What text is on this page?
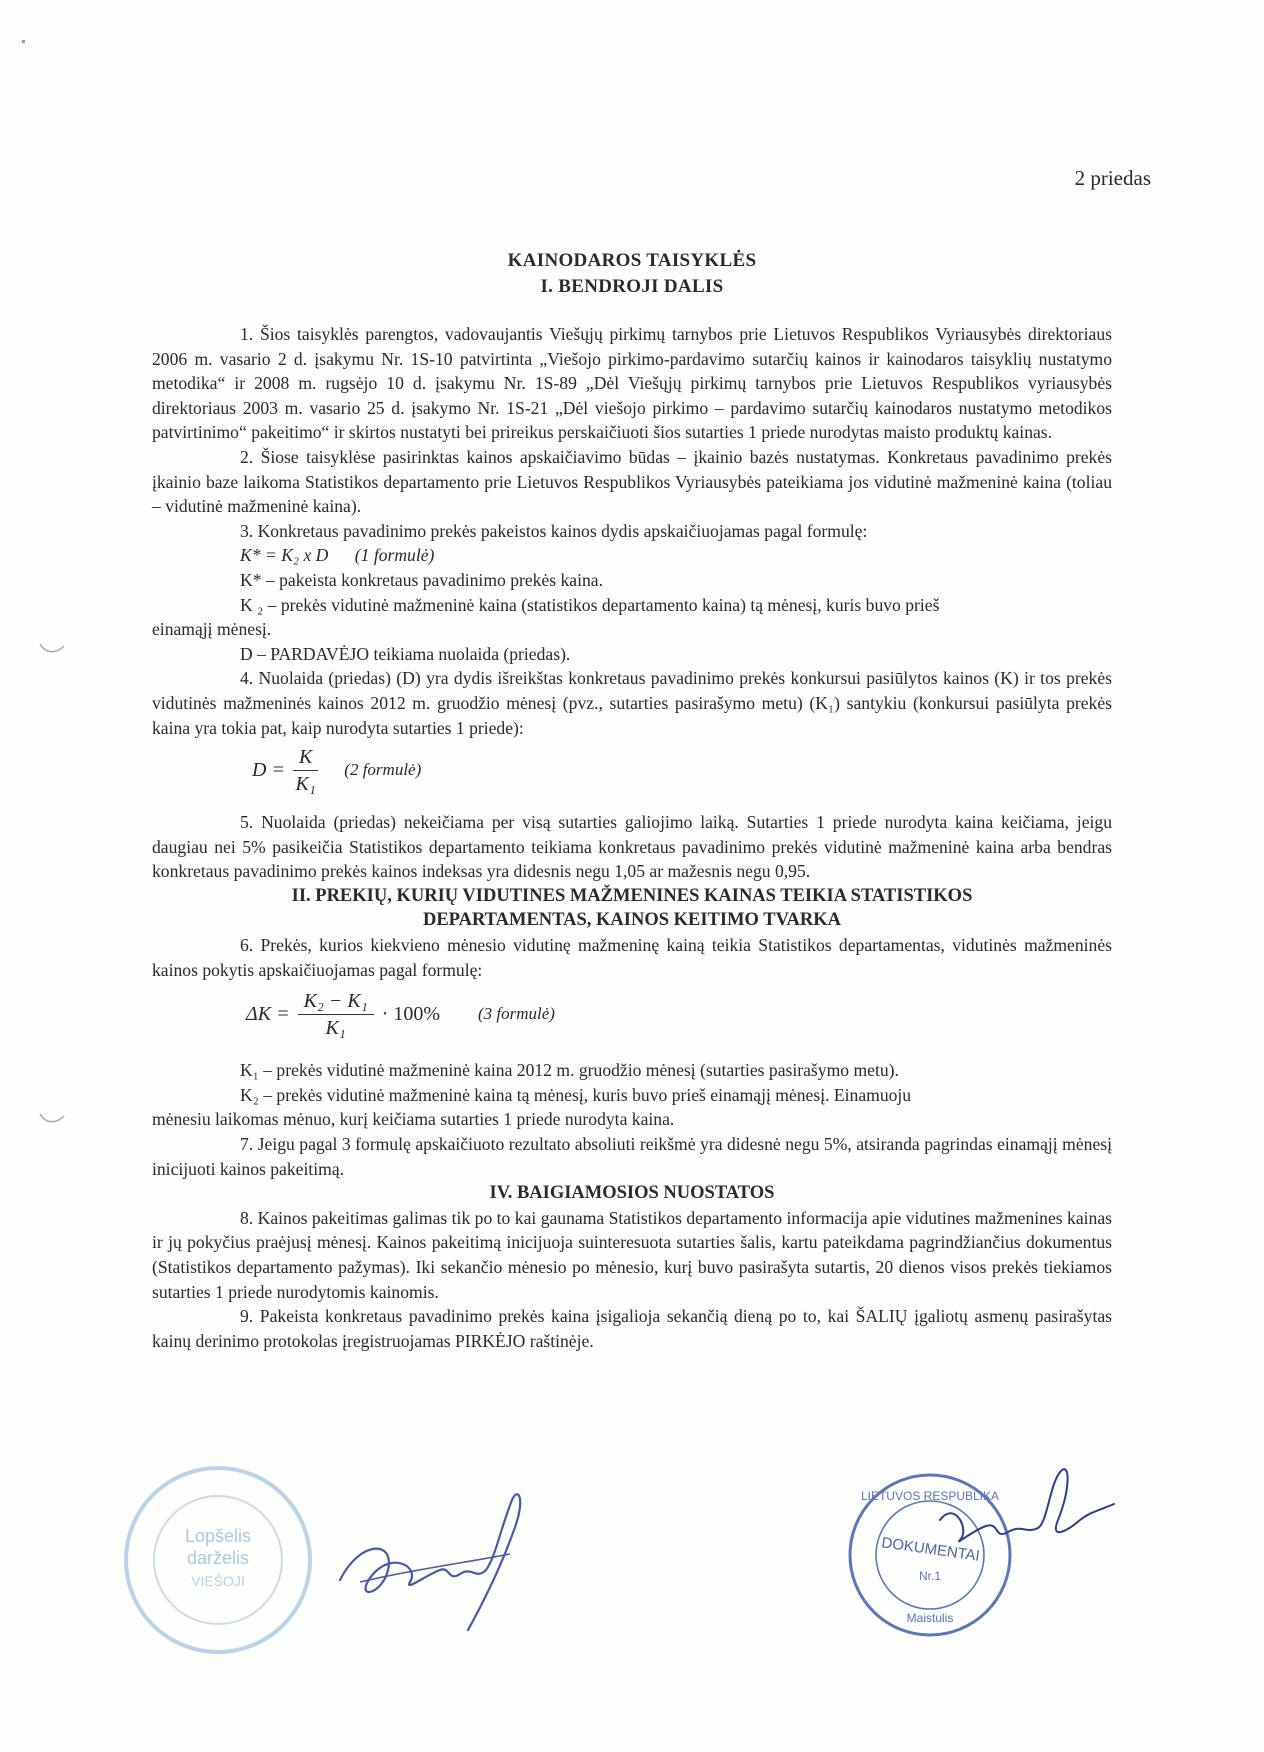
2 priedas
KAINODAROS TAISYKLĖS
I. BENDROJI DALIS

1. Šios taisyklės parengtos, vadovaujantis Viešųjų pirkimų tarnybos prie Lietuvos Respublikos Vyriausybės direktoriaus 2006 m. vasario 2 d. įsakymu Nr. 1S-10 patvirtinta „Viešojo pirkimo-pardavimo sutarčių kainos ir kainodaros taisyklių nustatymo metodika“ ir 2008 m. rugsėjo 10 d. įsakymu Nr. 1S-89 „Dėl Viešųjų pirkimų tarnybos prie Lietuvos Respublikos vyriausybės direktoriaus 2003 m. vasario 25 d. įsakymo Nr. 1S-21 „Dėl viešojo pirkimo – pardavimo sutarčių kainodaros nustatymo metodikos patvirtinimo“ pakeitimo“ ir skirtos nustatyti bei prireikus perskaičiuoti šios sutarties 1 priede nurodytas maisto produktų kainas.

2. Šiose taisyklėse pasirinktas kainos apskaičiavimo būdas – įkainio bazės nustatymas. Konkretaus pavadinimo prekės įkainio baze laikoma Statistikos departamento prie Lietuvos Respublikos Vyriausybės pateikiama jos vidutinė mažmeninė kaina (toliau – vidutinė mažmeninė kaina).

3. Konkretaus pavadinimo prekės pakeistos kainos dydis apskaičiuojamas pagal formulę:

K* = K₂ x D (1 formulė)

K* – pakeista konkretaus pavadinimo prekės kaina.

K ₂ – prekės vidutinė mažmeninė kaina (statistikos departamento kaina) tą mėnesį, kuris buvo prieš

einamąjį mėnesį.

D – PARDAVĖJO teikiama nuolaida (priedas).

4. Nuolaida (priedas) (D) yra dydis išreikštas konkretaus pavadinimo prekės konkursui pasiūlytos kainos (K) ir tos prekės vidutinės mažmeninės kainos 2012 m. gruodžio mėnesį (pvz., sutarties pasirašymo metu) (K₁) santykiu (konkursui pasiūlyta prekės kaina yra tokia pat, kaip nurodyta sutarties 1 priede):

$D = \frac{K}{\text{K₁}} (2$ formulė)

5. Nuolaida (priedas) nekeičiama per visą sutarties galiojimo laiką. Sutarties 1 priede nurodyta kaina keičiama, jeigu daugiau nei 5% pasikeičia Statistikos departamento teikiama konkretaus pavadinimo prekės vidutinė mažmeninė kaina arba bendras konkretaus pavadinimo prekės kainos indeksas yra didesnis negu 1,05 ar mažesnis negu 0,95.

II. PREKIŲ, KURIŲ VIDUTINES MAŽMENINES KAINAS TEIKIA STATISTIKOS

DEPARTAMENTAS, KAINOS KEITIMO TVARKA

6. Prekės, kurios kiekvieno mėnesio vidutinę mažmeninę kainą teikia Statistikos departamentas, vidutinės mažmeninės kainos pokytis apskaičiuojamas pagal formulę:

$\Delta K = \frac{\text{K₂ − K₁}}{\text{K₁}} \cdot 100\%$ (3 formulė)

K₁ – prekės vidutinė mažmeninė kaina 2012 m. gruodžio mėnesį (sutarties pasirašymo metu).

K₂ – prekės vidutinė mažmeninė kaina tą mėnesį, kuris buvo prieš einamąjį mėnesį. Einamuoju

mėnesiu laikomas mėnuo, kurį keičiama sutarties 1 priede nurodyta kaina.

7. Jeigu pagal 3 formulę apskaičiuoto rezultato absoliuti reikšmė yra didesnė negu 5%, atsiranda pagrindas einamąjį mėnesį inicijuoti kainos pakeitimą.

IV. BAIGIAMOSIOS NUOSTATOS

8. Kainos pakeitimas galimas tik po to kai gaunama Statistikos departamento informacija apie vidutines mažmenines kainas ir jų pokyčius praėjusį mėnesį. Kainos pakeitimą inicijuoja suinteresuota sutarties šalis, kartu pateikdama pagrindžiančius dokumentus (Statistikos departamento pažymas). Iki sekančio mėnesio po mėnesio, kurį buvo pasirašyta sutartis, 20 dienos visos prekės tiekiamos sutarties 1 priede nurodytomis kainomis.

9. Pakeista konkretaus pavadinimo prekės kaina įsigalioja sekančią dieną po to, kai ŠALIŲ įgaliotų asmenų pasirašytas kainų derinimo protokolas įregistruojamas PIRKĖJO raštinėje.

Lopšelis
darželis
VIEŠOJI
LIETUVOS RESPUBLIKA
DOKUMENTAI
Nr.1
Maistulis
